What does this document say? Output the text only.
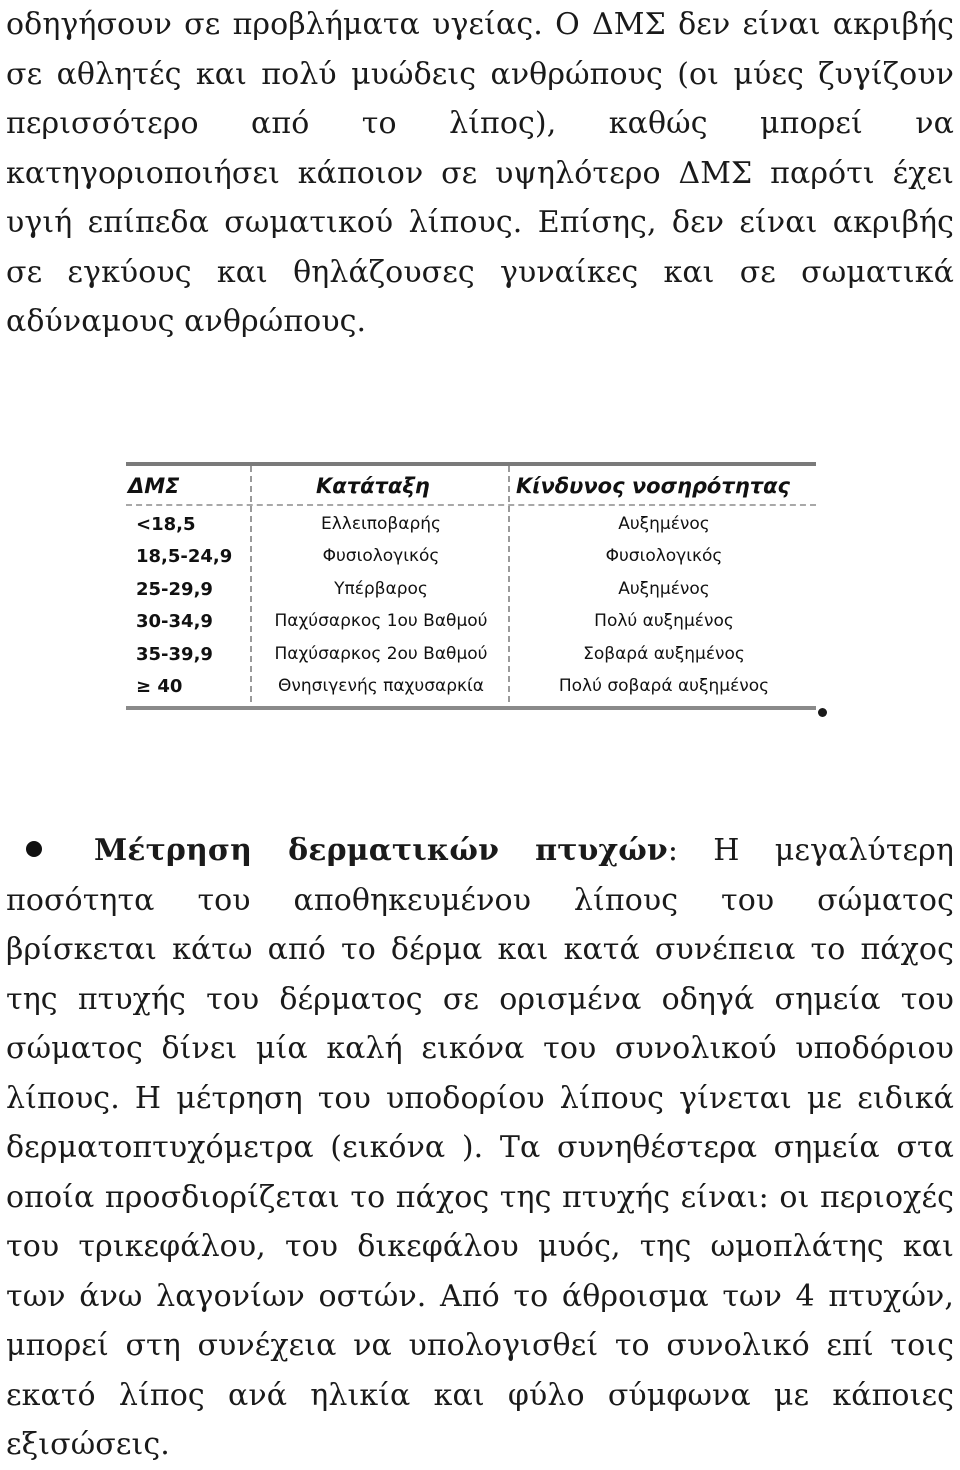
οδηγήσουν σε προβλήματα υγείας. Ο ΔΜΣ δεν είναι ακριβής
σε αθλητές και πολύ μυώδεις ανθρώπους (οι μύες ζυγίζουν
περισσότερο από το λίπος), καθώς μπορεί να
κατηγοριοποιήσει κάποιον σε υψηλότερο ΔΜΣ παρότι έχει
υγιή επίπεδα σωματικού λίπους. Επίσης, δεν είναι ακριβής
σε εγκύους και θηλάζουσες γυναίκες και σε σωματικά
αδύναμους ανθρώπους.
ΔΜΣ	Κατάταξη	Κίνδυνος νοσηρότητας
<18,5	Ελλειποβαρής	Αυξημένος
18,5-24,9	Φυσιολογικός	Φυσιολογικός
25-29,9	Υπέρβαρος	Αυξημένος
30-34,9	Παχύσαρκος 1ου Βαθμού	Πολύ αυξημένος
35-39,9	Παχύσαρκος 2ου Βαθμού	Σοβαρά αυξημένος
≥ 40	Θνησιγενής παχυσαρκία	Πολύ σοβαρά αυξημένος
Μέτρηση δερματικών πτυχών: Η μεγαλύτερη
ποσότητα του αποθηκευμένου λίπους του σώματος
βρίσκεται κάτω από το δέρμα και κατά συνέπεια το πάχος
της πτυχής του δέρματος σε ορισμένα οδηγά σημεία του
σώματος δίνει μία καλή εικόνα του συνολικού υποδόριου
λίπους. Η μέτρηση του υποδορίου λίπους γίνεται με ειδικά
δερματοπτυχόμετρα (εικόνα ). Τα συνηθέστερα σημεία στα
οποία προσδιορίζεται το πάχος της πτυχής είναι: οι περιοχές
του τρικεφάλου, του δικεφάλου μυός, της ωμοπλάτης και
των άνω λαγονίων οστών. Από το άθροισμα των 4 πτυχών,
μπορεί στη συνέχεια να υπολογισθεί το συνολικό επί τοις
εκατό λίπος ανά ηλικία και φύλο σύμφωνα με κάποιες
εξισώσεις.
